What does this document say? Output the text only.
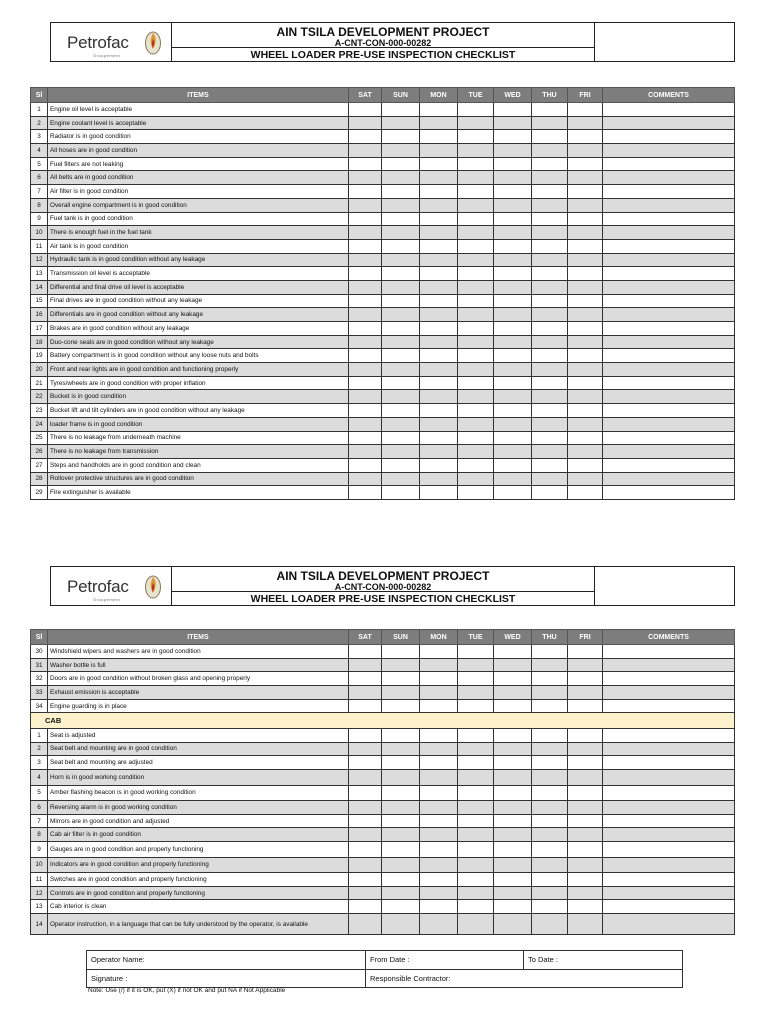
Petrofac
Groupement
AIN TSILA DEVELOPMENT PROJECT
A-CNT-CON-000-00282
WHEEL LOADER PRE-USE INSPECTION CHECKLIST
Sl	ITEMS	SAT	SUN	MON	TUE	WED	THU	FRI	COMMENTS
1	Engine oil level is acceptable								
2	Engine coolant level is acceptable								
3	Radiator is in good condition								
4	All hoses are in good condition								
5	Fuel filters are not leaking								
6	All belts are in good condition								
7	Air filter is in good condition								
8	Overall engine compartment is in good condition								
9	Fuel tank is in good condition								
10	There is enough fuel in the fuel tank								
11	Air tank is in good condition								
12	Hydraulic tank is in good condition without any leakage								
13	Transmission oil level is acceptable								
14	Differential and final drive oil level is acceptable								
15	Final drives are in good condition without any leakage								
16	Differentials are in good condition without any leakage								
17	Brakes are in good condition without any leakage								
18	Duo-cone seals are in good condition without any leakage								
19	Battery compartment is in good condition without any loose nuts and bolts								
20	Front and rear lights are in good condition and functioning properly								
21	Tyres/wheels are in good condition with proper inflation								
22	Bucket is in good condition								
23	Bucket lift and tilt cylinders are in good condition without any leakage								
24	loader frame is in good condition								
25	There is no leakage from underneath machine								
26	There is no leakage from transmission								
27	Steps and handholds are in good condition and clean								
28	Rollover protective structures are in good condition								
29	Fire extinguisher is available								
Petrofac
Groupement
AIN TSILA DEVELOPMENT PROJECT
A-CNT-CON-000-00282
WHEEL LOADER PRE-USE INSPECTION CHECKLIST
Sl	ITEMS	SAT	SUN	MON	TUE	WED	THU	FRI	COMMENTS
30	Windshield wipers and washers are in good condition								
31	Washer bottle is full								
32	Doors are in good condition without broken glass and opening properly								
33	Exhaust emission is acceptable								
34	Engine guarding is in place								
CAB									
1	Seat is adjusted								
2	Seat belt and mounting are in good condition								
3	Seat belt and mounting are adjusted								
4	Horn is in good working condition								
5	Amber flashing beacon is in good working condition								
6	Reversing alarm is in good working condition								
7	Mirrors are in good condition and adjusted								
8	Cab air filter is in good condition								
9	Gauges are in good condition and properly functioning								
10	Indicators are in good condition and properly functioning								
11	Switches are in good condition and properly functioning								
12	Controls are in good condition and properly functioning								
13	Cab interior is clean								
14	Operator instruction, in a language that can be fully understood by the operator, is available								
Operator Name:	From Date :	To Date :
Signature :	Responsible Contractor:	
Note: Use (/) if it is OK, put (X) if not OK and put NA if Not Applicable
